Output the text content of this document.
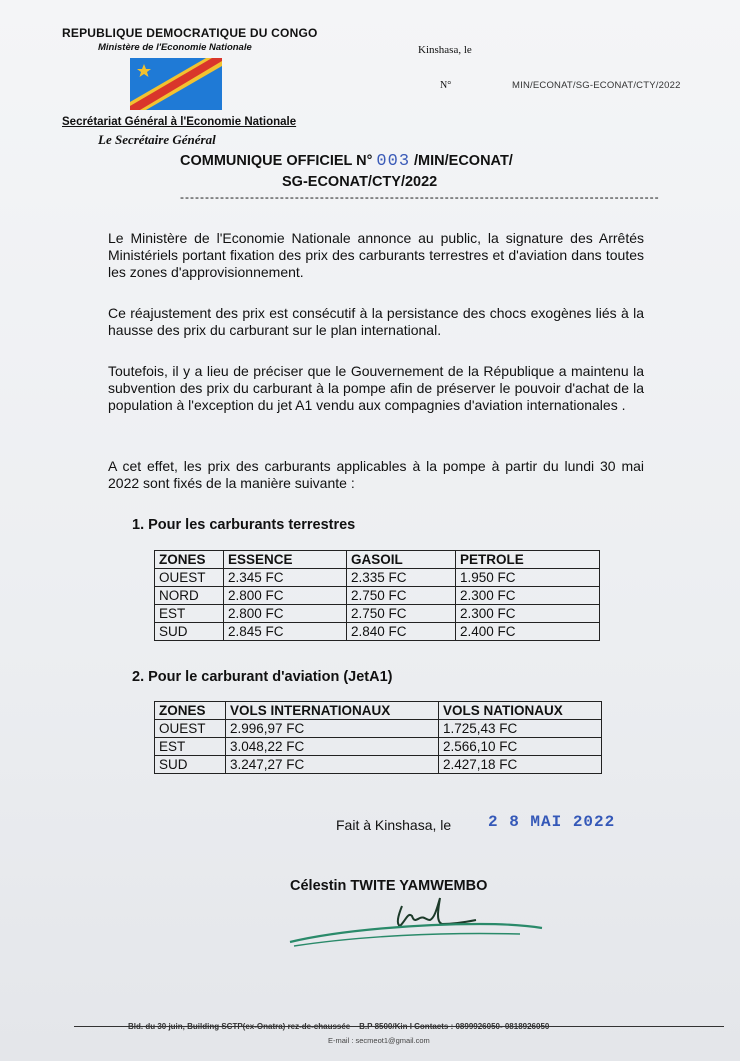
REPUBLIQUE DEMOCRATIQUE DU CONGO
Ministère de l'Economie Nationale	Kinshasa, le
N°	MIN/ECONAT/SG-ECONAT/CTY/2022
Secrétariat Général à l'Economie Nationale
Le Secrétaire Général
COMMUNIQUE OFFICIEL N° 003 /MIN/ECONAT/
SG-ECONAT/CTY/2022
------------------------------------------------------------------------------------------------
Le Ministère de l'Economie Nationale annonce au public, la signature des Arrêtés Ministériels portant fixation des prix des carburants terrestres et d'aviation dans toutes les zones d'approvisionnement.
Ce réajustement des prix est consécutif à la persistance des chocs exogènes liés à la hausse des prix du carburant sur le plan international.
Toutefois, il y a lieu de préciser que le Gouvernement de la République a maintenu la subvention des prix du carburant à la pompe afin de préserver le pouvoir d'achat de la population à l'exception du jet A1 vendu aux compagnies d'aviation internationales .
A cet effet, les prix des carburants applicables à la pompe à partir du lundi 30 mai 2022 sont fixés de la manière suivante :
1. Pour les carburants terrestres
ZONES	ESSENCE	GASOIL	PETROLE
OUEST	2.345 FC	2.335 FC	1.950 FC
NORD	2.800 FC	2.750 FC	2.300 FC
EST	2.800 FC	2.750 FC	2.300 FC
SUD	2.845 FC	2.840 FC	2.400 FC
2. Pour le carburant d'aviation (JetA1)
ZONES	VOLS INTERNATIONAUX	VOLS NATIONAUX
OUEST	2.996,97 FC	1.725,43 FC
EST	3.048,22 FC	2.566,10 FC
SUD	3.247,27 FC	2.427,18 FC
Fait à Kinshasa, le 2 8 MAI 2022
Célestin TWITE YAMWEMBO
Bld. du 30 juin, Building SCTP(ex-Onatra) rez-de-chaussée – B.P 8500/Kin I Contacts : 0899926050- 0818926050
E-mail : secmeot1@gmail.com
